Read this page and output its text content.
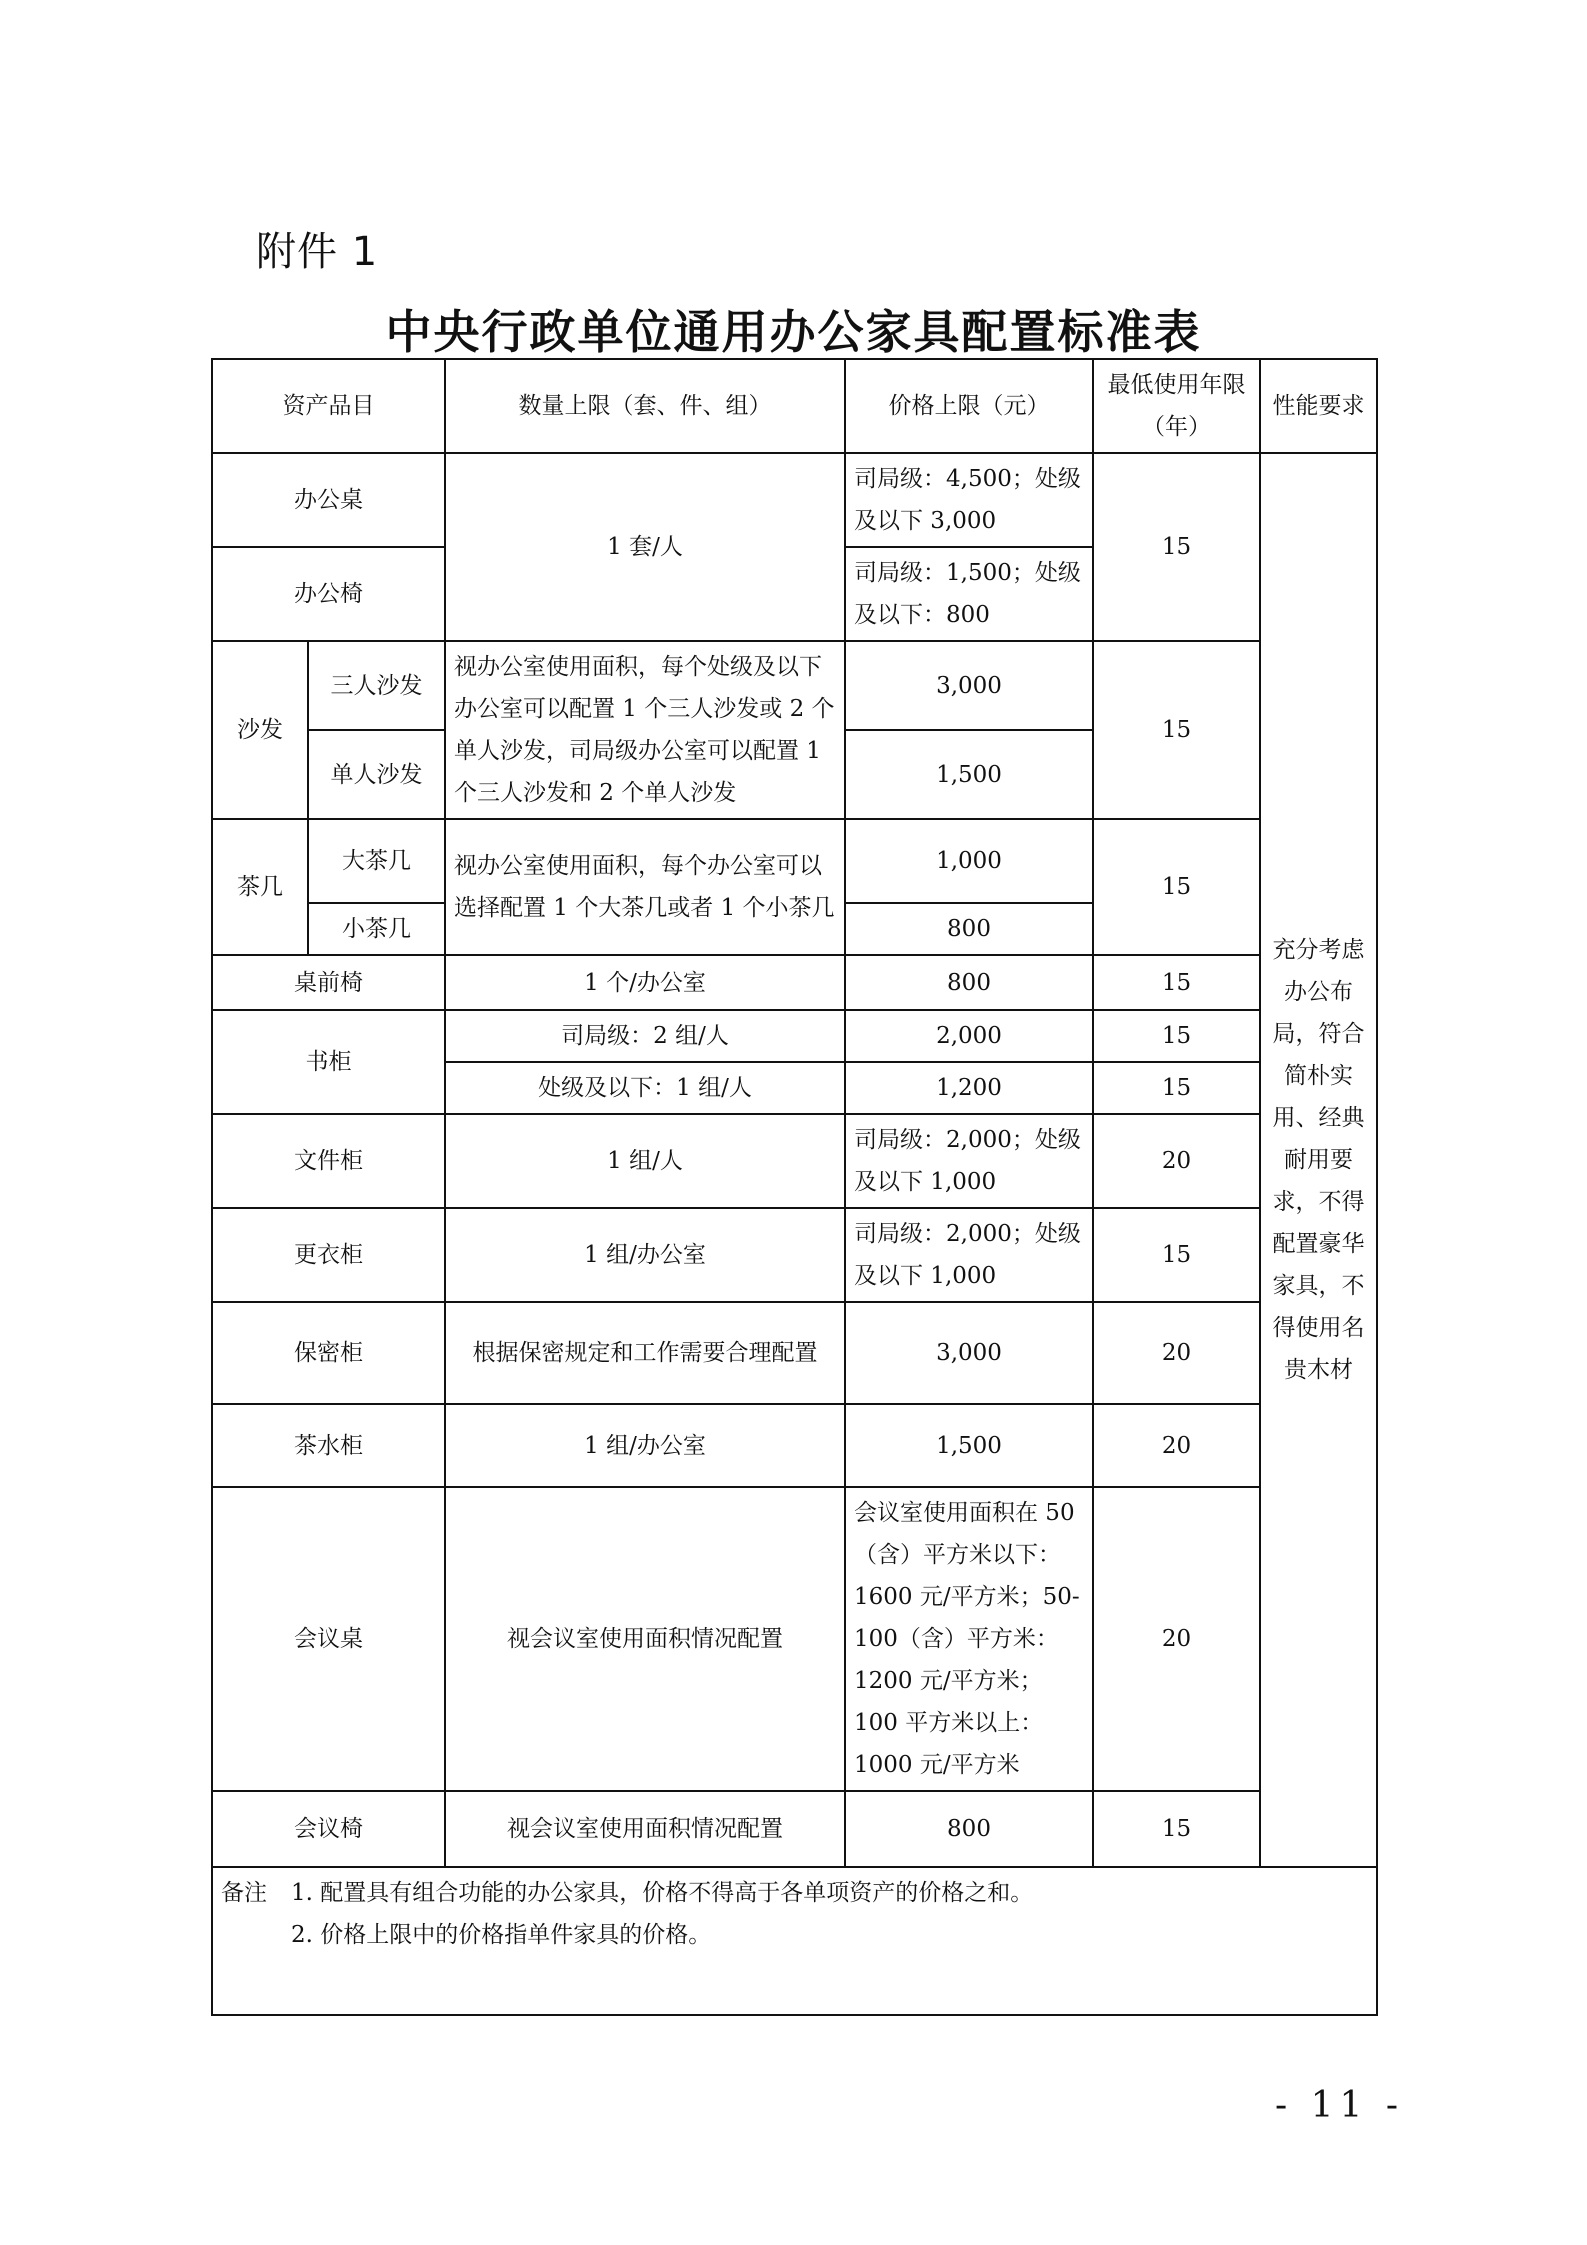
附件 1
中央行政单位通用办公家具配置标准表
资产品目		数量上限（套、件、组）	价格上限（元）	最低使用年限（年）	性能要求
办公桌		1 套/人	司局级：4,500；处级及以下 3,000	15	充分考虑办公布局，符合简朴实用、经典耐用要求，不得配置豪华家具，不得使用名贵木材
办公椅			司局级：1,500；处级及以下：800		
沙发	三人沙发	视办公室使用面积，每个处级及以下办公室可以配置 1 个三人沙发或 2 个单人沙发，司局级办公室可以配置 1 个三人沙发和 2 个单人沙发	3,000	15	
	单人沙发		1,500		
茶几	大茶几	视办公室使用面积，每个办公室可以选择配置 1 个大茶几或者 1 个小茶几	1,000	15	
	小茶几		800		
桌前椅		1 个/办公室	800	15	
书柜		司局级：2 组/人	2,000	15	
		处级及以下：1 组/人	1,200	15	
文件柜		1 组/人	司局级：2,000；处级及以下 1,000	20	
更衣柜		1 组/办公室	司局级：2,000；处级及以下 1,000	15	
保密柜		根据保密规定和工作需要合理配置	3,000	20	
茶水柜		1 组/办公室	1,500	20	
会议桌		视会议室使用面积情况配置	会议室使用面积在 50（含）平方米以下：1600 元/平方米；50-100（含）平方米：1200 元/平方米；100 平方米以上：1000 元/平方米	20	
会议椅		视会议室使用面积情况配置	800	15	

备注 1. 配置具有组合功能的办公家具，价格不得高于各单项资产的价格之和。
2. 价格上限中的价格指单件家具的价格。					
- 11 -
